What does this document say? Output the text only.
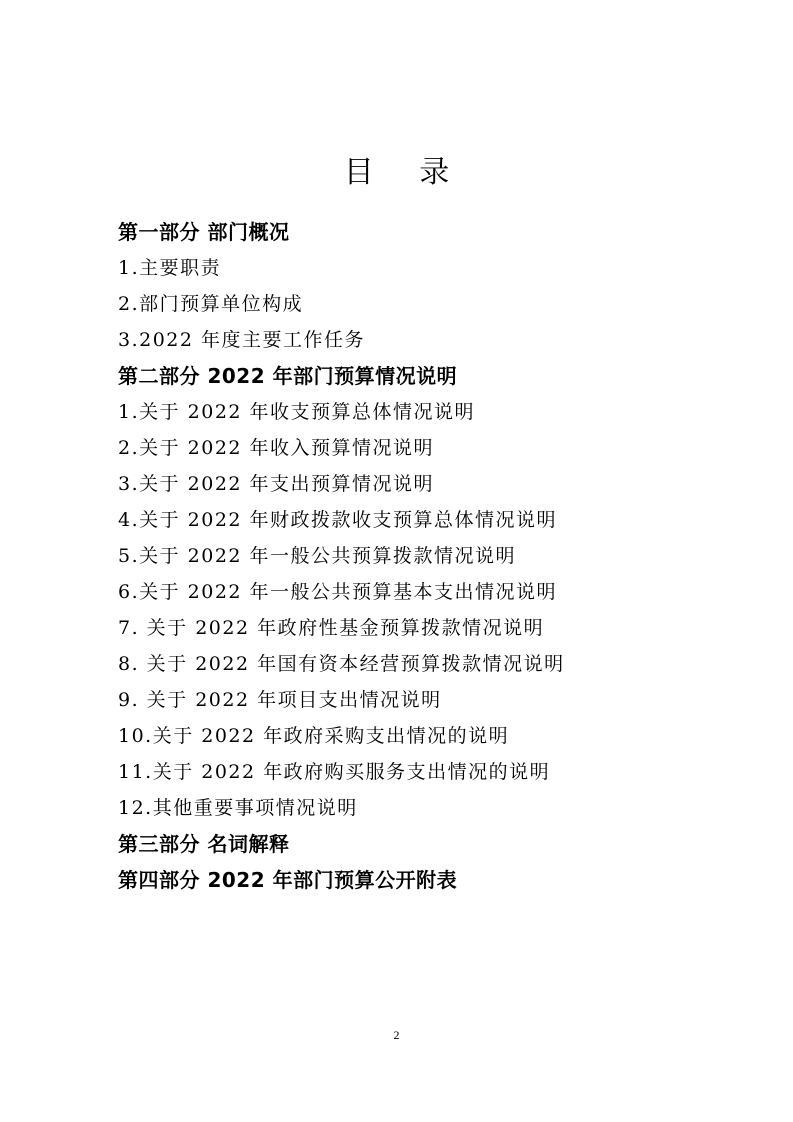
目 录
第一部分 部门概况
1.主要职责
2.部门预算单位构成
3.2022 年度主要工作任务
第二部分 2022 年部门预算情况说明
1.关于 2022 年收支预算总体情况说明
2.关于 2022 年收入预算情况说明
3.关于 2022 年支出预算情况说明
4.关于 2022 年财政拨款收支预算总体情况说明
5.关于 2022 年一般公共预算拨款情况说明
6.关于 2022 年一般公共预算基本支出情况说明
7. 关于 2022 年政府性基金预算拨款情况说明
8. 关于 2022 年国有资本经营预算拨款情况说明
9. 关于 2022 年项目支出情况说明
10.关于 2022 年政府采购支出情况的说明
11.关于 2022 年政府购买服务支出情况的说明
12.其他重要事项情况说明
第三部分 名词解释
第四部分 2022 年部门预算公开附表
2
